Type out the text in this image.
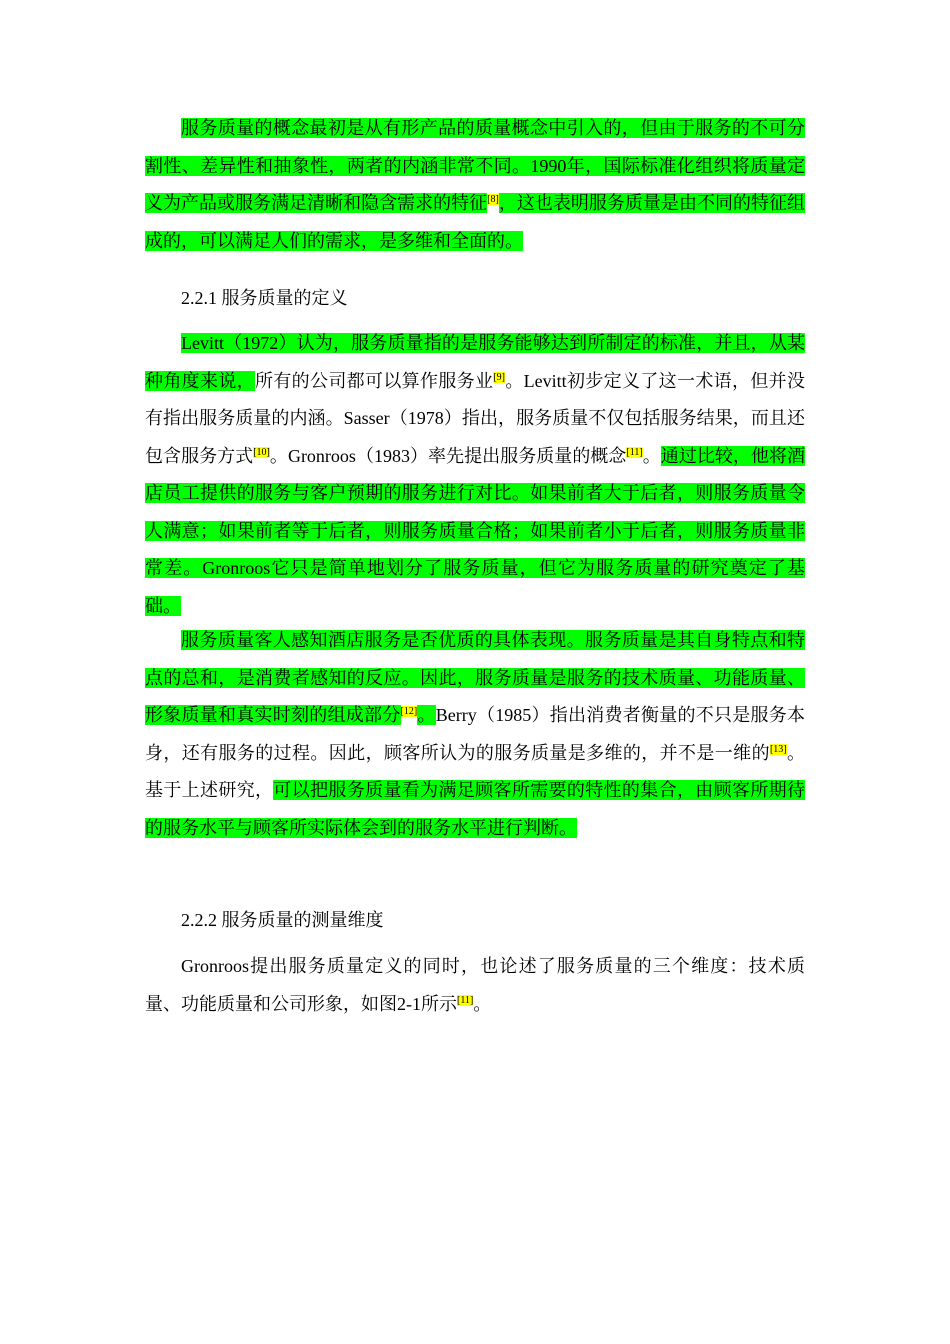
服务质量的概念最初是从有形产品的质量概念中引入的，但由于服务的不可分割性、差异性和抽象性，两者的内涵非常不同。1990年，国际标准化组织将质量定义为产品或服务满足清晰和隐含需求的特征[8]，这也表明服务质量是由不同的特征组成的，可以满足人们的需求，是多维和全面的。

2.2.1 服务质量的定义

Levitt（1972）认为，服务质量指的是服务能够达到所制定的标准，并且，从某种角度来说，所有的公司都可以算作服务业[9]。Levitt初步定义了这一术语，但并没有指出服务质量的内涵。Sasser（1978）指出，服务质量不仅包括服务结果，而且还包含服务方式[10]。Gronroos（1983）率先提出服务质量的概念[11]。通过比较，他将酒店员工提供的服务与客户预期的服务进行对比。如果前者大于后者，则服务质量令人满意；如果前者等于后者，则服务质量合格；如果前者小于后者，则服务质量非常差。Gronroos它只是简单地划分了服务质量，但它为服务质量的研究奠定了基础。

服务质量客人感知酒店服务是否优质的具体表现。服务质量是其自身特点和特点的总和，是消费者感知的反应。因此，服务质量是服务的技术质量、功能质量、形象质量和真实时刻的组成部分[12]。Berry（1985）指出消费者衡量的不只是服务本身，还有服务的过程。因此，顾客所认为的服务质量是多维的，并不是一维的[13]。基于上述研究，可以把服务质量看为满足顾客所需要的特性的集合，由顾客所期待的服务水平与顾客所实际体会到的服务水平进行判断。

2.2.2 服务质量的测量维度

Gronroos提出服务质量定义的同时，也论述了服务质量的三个维度：技术质量、功能质量和公司形象，如图2-1所示[11]。
